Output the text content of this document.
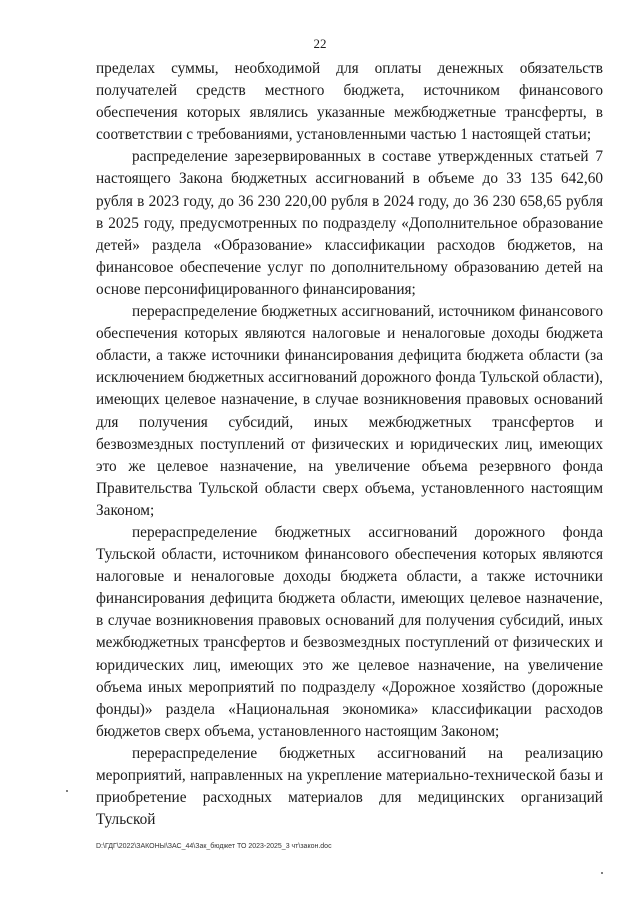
22

пределах суммы, необходимой для оплаты денежных обязательств получателей средств местного бюджета, источником финансового обеспечения которых являлись указанные межбюджетные трансферты, в соответствии с требованиями, установленными частью 1 настоящей статьи;

распределение зарезервированных в составе утвержденных статьей 7 настоящего Закона бюджетных ассигнований в объеме до 33 135 642,60 рубля в 2023 году, до 36 230 220,00 рубля в 2024 году, до 36 230 658,65 рубля в 2025 году, предусмотренных по подразделу «Дополнительное образование детей» раздела «Образование» классификации расходов бюджетов, на финансовое обеспечение услуг по дополнительному образованию детей на основе персонифицированного финансирования;

перераспределение бюджетных ассигнований, источником финансового обеспечения которых являются налоговые и неналоговые доходы бюджета области, а также источники финансирования дефицита бюджета области (за исключением бюджетных ассигнований дорожного фонда Тульской области), имеющих целевое назначение, в случае возникновения правовых оснований для получения субсидий, иных межбюджетных трансфертов и безвозмездных поступлений от физических и юридических лиц, имеющих это же целевое назначение, на увеличение объема резервного фонда Правительства Тульской области сверх объема, установленного настоящим Законом;

перераспределение бюджетных ассигнований дорожного фонда Тульской области, источником финансового обеспечения которых являются налоговые и неналоговые доходы бюджета области, а также источники финансирования дефицита бюджета области, имеющих целевое назначение, в случае возникновения правовых оснований для получения субсидий, иных межбюджетных трансфертов и безвозмездных поступлений от физических и юридических лиц, имеющих это же целевое назначение, на увеличение объема иных мероприятий по подразделу «Дорожное хозяйство (дорожные фонды)» раздела «Национальная экономика» классификации расходов бюджетов сверх объема, установленного настоящим Законом;

перераспределение бюджетных ассигнований на реализацию мероприятий, направленных на укрепление материально-технической базы и приобретение расходных материалов для медицинских организаций Тульской

D:\ГДГ\2022\ЗАКОНЫ\ЗАС_44\Зак_бюджет ТО 2023-2025_3 чт\закон.doc
